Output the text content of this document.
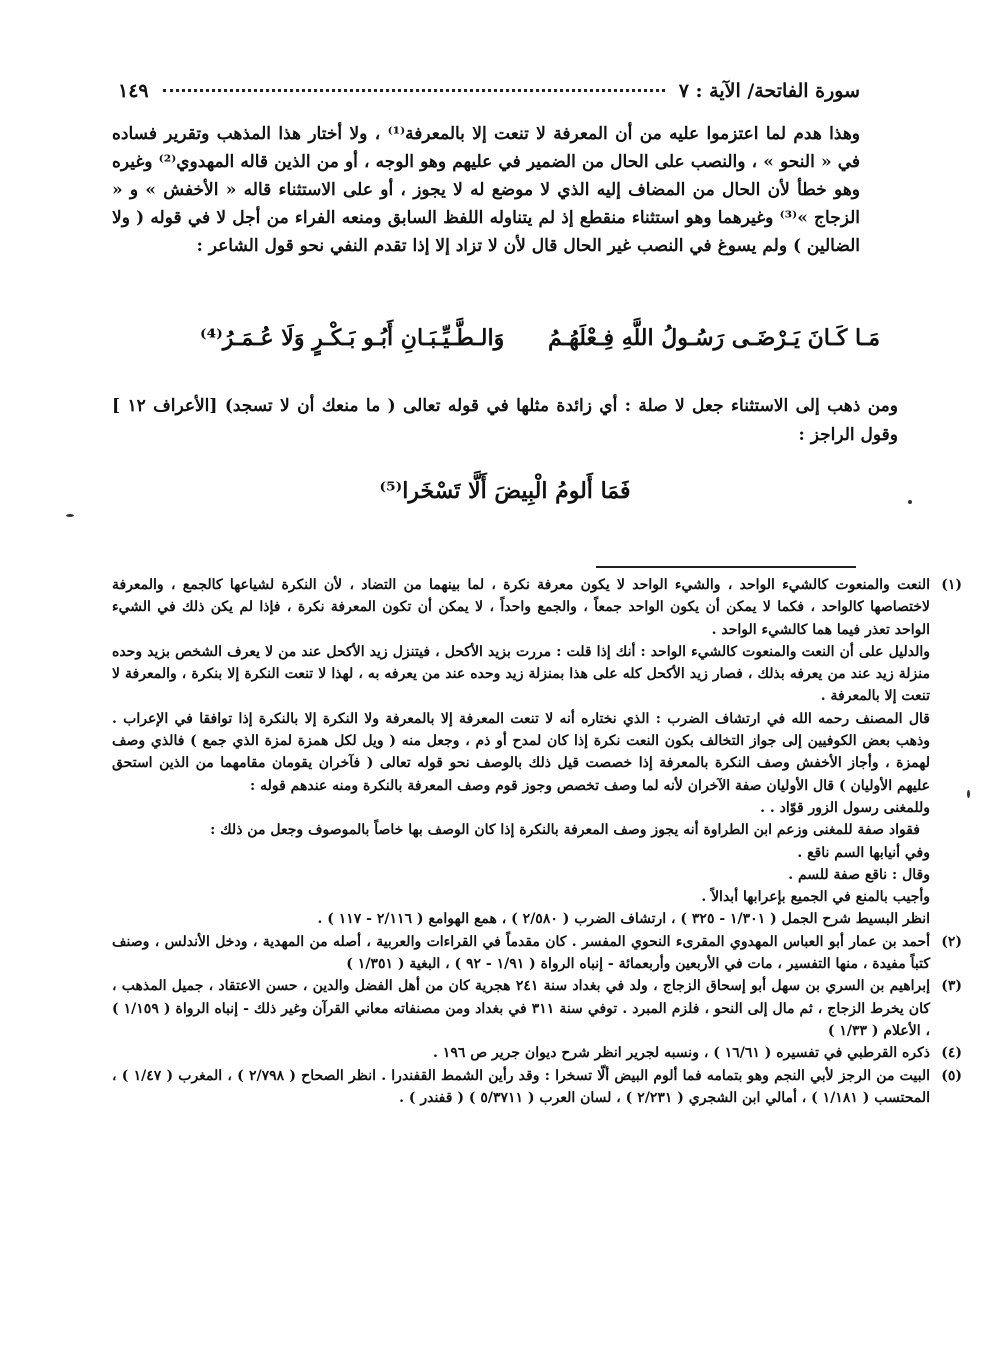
سورة الفاتحة/ الآية : ٧
١٤٩

وهذا هدم لما اعتزموا عليه من أن المعرفة لا تنعت إلا بالمعرفة⁽¹⁾ ، ولا أختار هذا المذهب وتقرير فساده في « النحو » ، والنصب على الحال من الضمير في عليهم وهو الوجه ، أو من الذين قاله المهدوي⁽²⁾ وغيره وهو خطأ لأن الحال من المضاف إليه الذي لا موضع له لا يجوز ، أو على الاستثناء قاله « الأخفش » و « الزجاج »⁽³⁾ وغيرهما وهو استثناء منقطع إذ لم يتناوله اللفظ السابق ومنعه الفراء من أجل لا في قوله ( ولا الضالين ) ولم يسوغ في النصب غير الحال قال لأن لا تزاد إلا إذا تقدم النفي نحو قول الشاعر :

مَـا كَـانَ يَـرْضَـى رَسُـولُ اللَّهِ فِـعْلَهُـمُ
وَالـطَّـيِّـبَـانِ أَبُـو بَـكْـرٍ وَلَا عُـمَـرُ⁽⁴⁾

ومن ذهب إلى الاستثناء جعل لا صلة : أي زائدة مثلها في قوله تعالى ( ما منعك أن لا تسجد) [الأعراف ١٢ ] وقول الراجز :

فَمَا أَلومُ الْبِيضَ أَلَّا تَسْخَرا⁽⁵⁾
(١)

النعت والمنعوت كالشيء الواحد ، والشيء الواحد لا يكون معرفة نكرة ، لما بينهما من التضاد ، لأن النكرة لشياعها كالجمع ، والمعرفة لاختصاصها كالواحد ، فكما لا يمكن أن يكون الواحد جمعاً ، والجمع واحداً ، لا يمكن أن تكون المعرفة نكرة ، فإذا لم يكن ذلك في الشيء الواحد تعذر فيما هما كالشيء الواحد .

والدليل على أن النعت والمنعوت كالشيء الواحد : أنك إذا قلت : مررت بزيد الأكحل ، فيتنزل زيد الأكحل عند من لا يعرف الشخص بزيد وحده منزلة زيد عند من يعرفه بذلك ، فصار زيد الأكحل كله على هذا بمنزلة زيد وحده عند من يعرفه به ، لهذا لا تنعت النكرة إلا بنكرة ، والمعرفة لا تنعت إلا بالمعرفة .

قال المصنف رحمه الله في ارتشاف الضرب : الذي نختاره أنه لا تنعت المعرفة إلا بالمعرفة ولا النكرة إلا بالنكرة إذا توافقا في الإعراب . وذهب بعض الكوفيين إلى جواز التخالف بكون النعت نكرة إذا كان لمدح أو ذم ، وجعل منه ( ويل لكل همزة لمزة الذي جمع ) فالذي وصف لهمزة ، وأجاز الأخفش وصف النكرة بالمعرفة إذا خصصت قيل ذلك بالوصف نحو قوله تعالى ( فآخران يقومان مقامهما من الذين استحق عليهم الأوليان ) قال الأوليان صفة الآخران لأنه لما وصف تخصص وجوز قوم وصف المعرفة بالنكرة ومنه عندهم قوله :

وللمغنى رسول الزور قوّاد . .

فقواد صفة للمغنى وزعم ابن الطراوة أنه يجوز وصف المعرفة بالنكرة إذا كان الوصف بها خاصاً بالموصوف وجعل من ذلك :

وفي أنيابها السم ناقع .

وقال : ناقع صفة للسم .

وأجيب بالمنع في الجميع بإعرابها أبدالاً .

انظر البسيط شرح الجمل ( ١/٣٠١ - ٣٢٥ ) ، ارتشاف الضرب ( ٢/٥٨٠ ) ، همع الهوامع ( ٢/١١٦ - ١١٧ ) .

(٢)

أحمد بن عمار أبو العباس المهدوي المقرىء النحوي المفسر . كان مقدماً في القراءات والعربية ، أصله من المهدية ، ودخل الأندلس ، وصنف كتباً مفيدة ، منها التفسير ، مات في الأربعين وأربعمائة - إنباه الرواة ( ١/٩١ - ٩٢ ) ، البغية ( ١/٣٥١ )

(٣)

إبراهيم بن السري بن سهل أبو إسحاق الزجاج ، ولد في بغداد سنة ٢٤١ هجرية كان من أهل الفضل والدين ، حسن الاعتقاد ، جميل المذهب ، كان يخرط الزجاج ، ثم مال إلى النحو ، فلزم المبرد . توفي سنة ٣١١ في بغداد ومن مصنفاته معاني القرآن وغير ذلك - إنباه الرواة ( ١/١٥٩ ) ، الأعلام ( ١/٣٣ )

(٤)

ذكره القرطبي في تفسيره ( ١٦/٦١ ) ، ونسبه لجرير انظر شرح ديوان جرير ص ١٩٦ .

(٥)

البيت من الرجز لأبي النجم وهو بتمامه فما ألوم البيض ألّا تسخرا : وقد رأين الشمط القفندرا . انظر الصحاح ( ٢/٧٩٨ ) ، المغرب ( ١/٤٧ ) ، المحتسب ( ١/١٨١ ) ، أمالي ابن الشجري ( ٢/٢٣١ ) ، لسان العرب ( ٥/٣٧١١ ) ( قفندر ) .
